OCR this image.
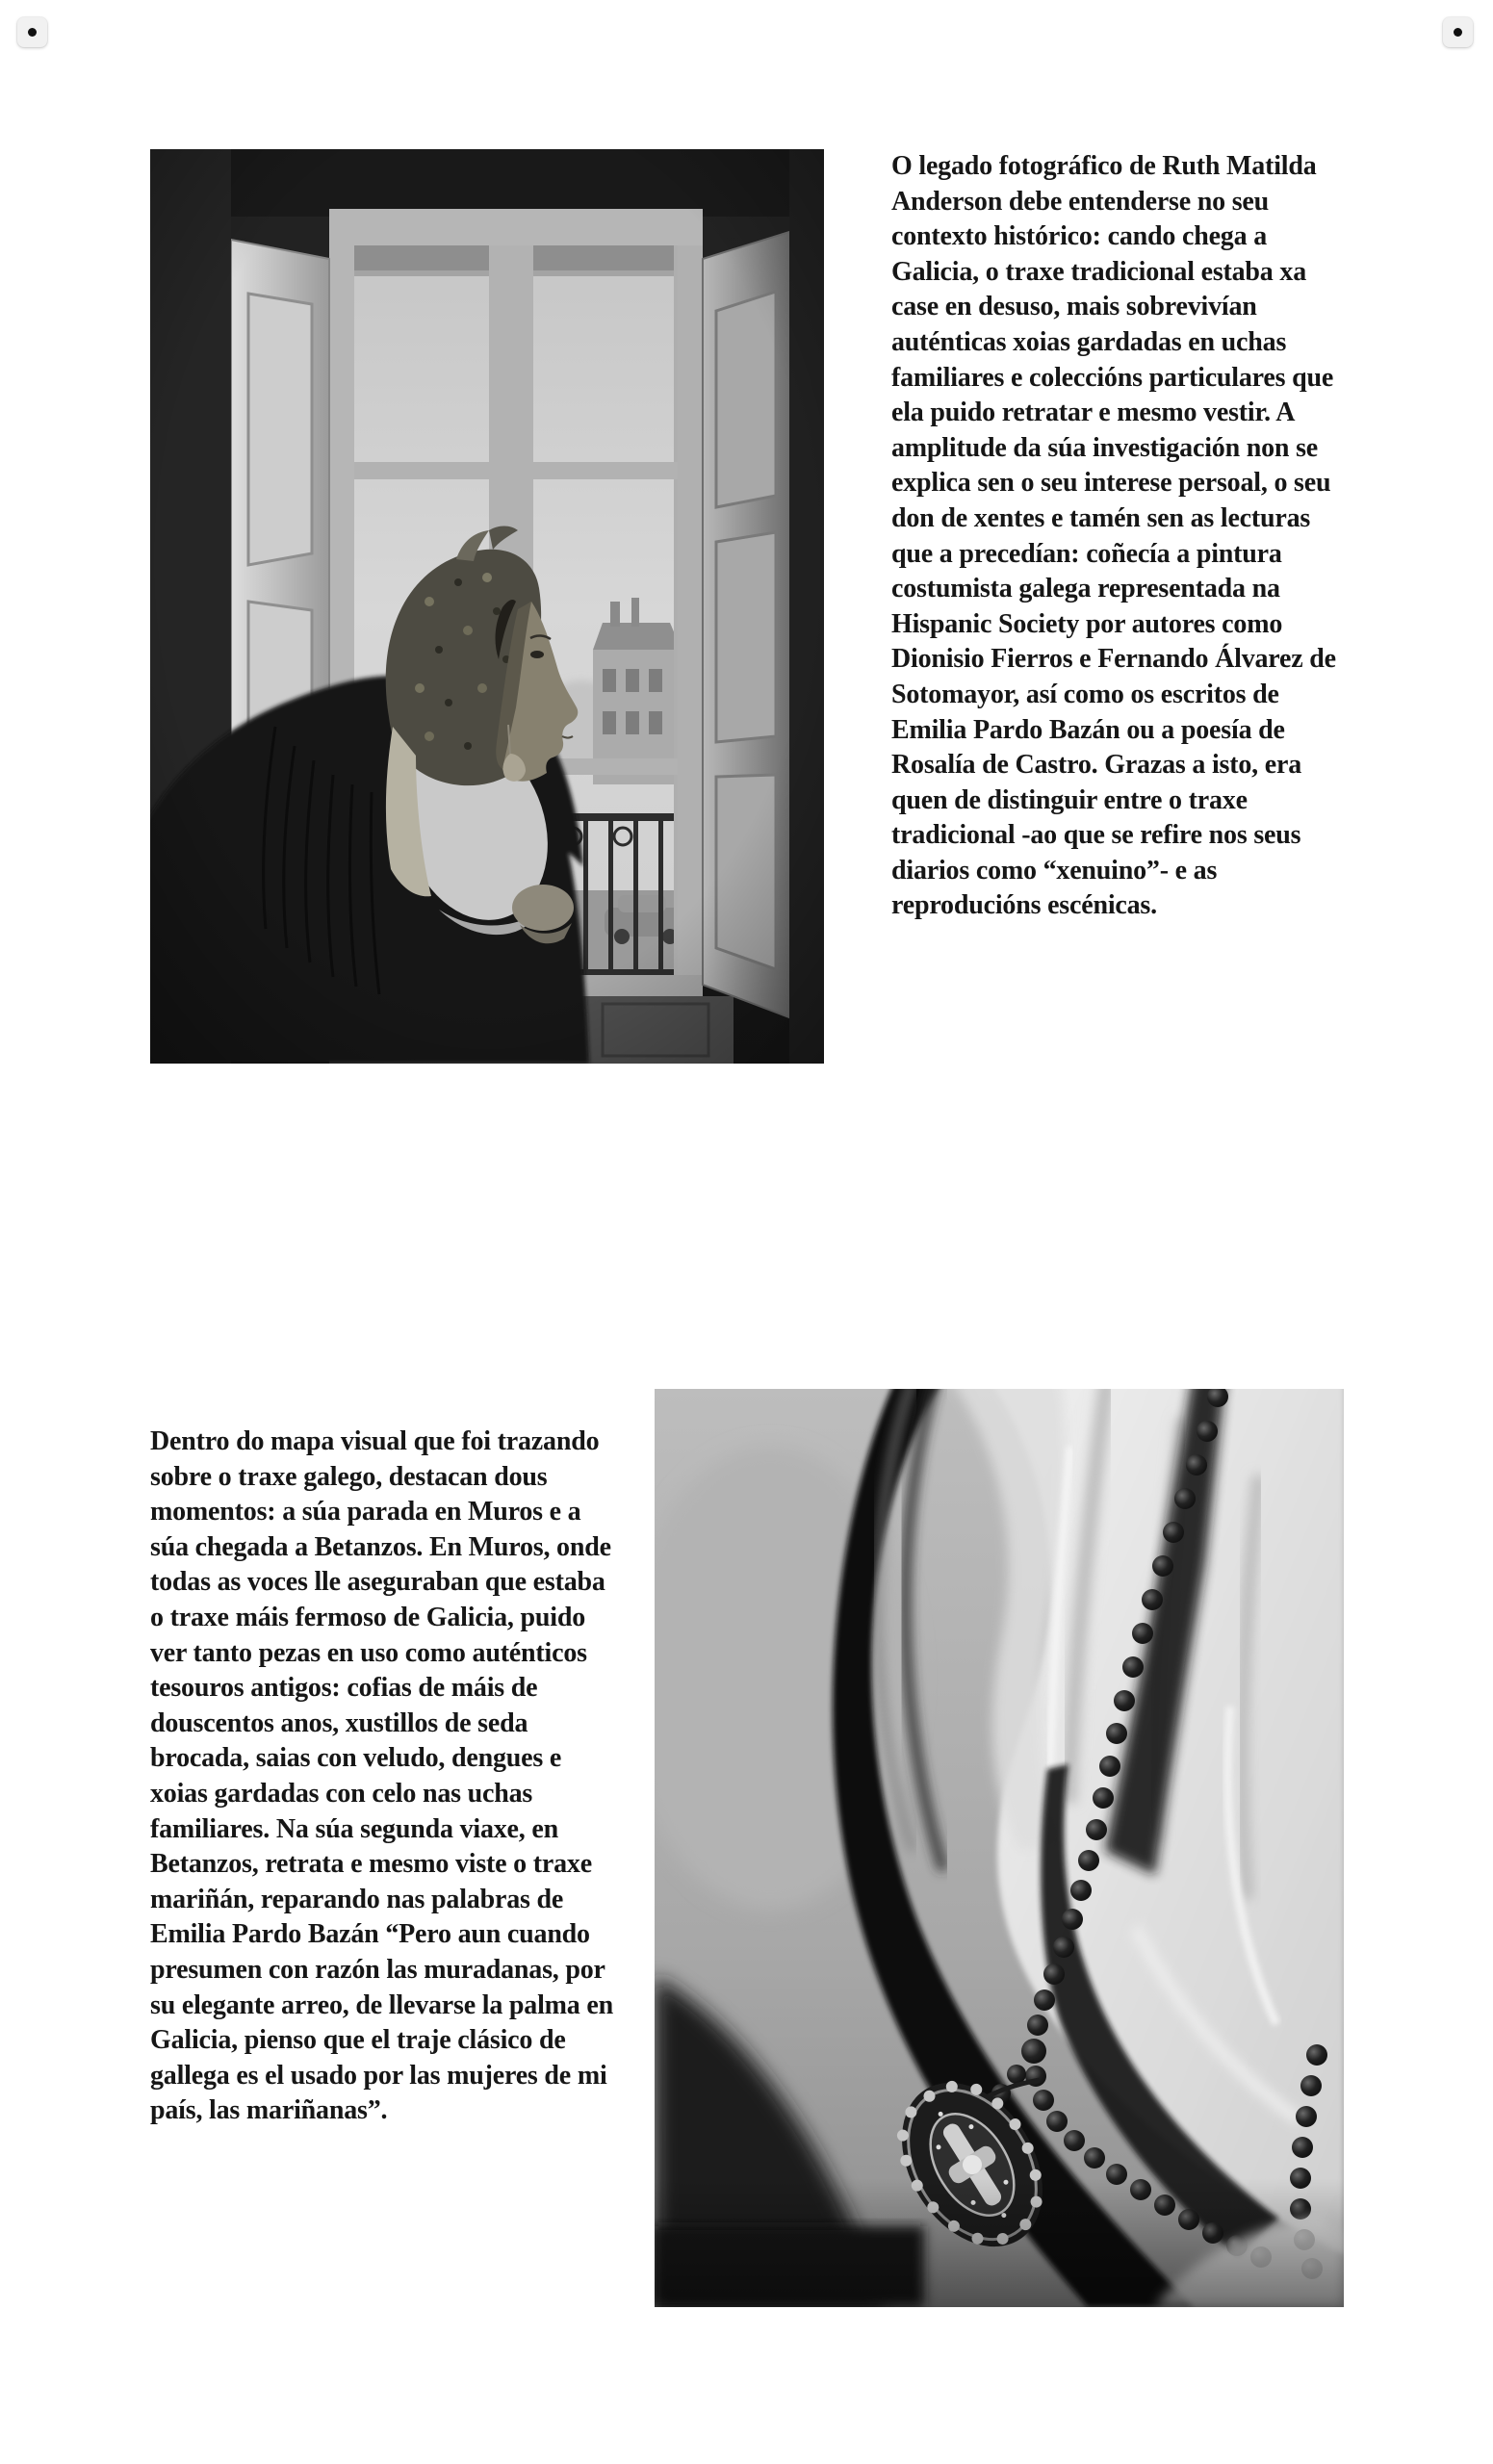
O legado fotográfico de Ruth Matilda Anderson debe entenderse no seu contexto histórico: cando chega a Galicia, o traxe tradicional estaba xa case en desuso, mais sobrevivían auténticas xoias gardadas en uchas familiares e coleccións particulares que ela puido retratar e mesmo vestir. A amplitude da súa investigación non se explica sen o seu interese persoal, o seu don de xentes e tamén sen as lecturas que a precedían: coñecía a pintura costumista galega representada na Hispanic Society por autores como Dionisio Fierros e Fernando Álvarez de Sotomayor, así como os escritos de Emilia Pardo Bazán ou a poesía de Rosalía de Castro. Grazas a isto, era quen de distinguir entre o traxe tradicional -ao que se refire nos seus diarios como “xenuino”- e as reproducións escénicas.

Dentro do mapa visual que foi trazando sobre o traxe galego, destacan dous momentos: a súa parada en Muros e a súa chegada a Betanzos. En Muros, onde todas as voces lle aseguraban que estaba o traxe máis fermoso de Galicia, puido ver tanto pezas en uso como auténticos tesouros antigos: cofias de máis de douscentos anos, xustillos de seda brocada, saias con veludo, dengues e xoias gardadas con celo nas uchas familiares. Na súa segunda viaxe, en Betanzos, retrata e mesmo viste o traxe mariñán, reparando nas palabras de Emilia Pardo Bazán “Pero aun cuando presumen con razón las muradanas, por su elegante arreo, de llevarse la palma en Galicia, pienso que el traje clásico de gallega es el usado por las mujeres de mi país, las mariñanas”.
